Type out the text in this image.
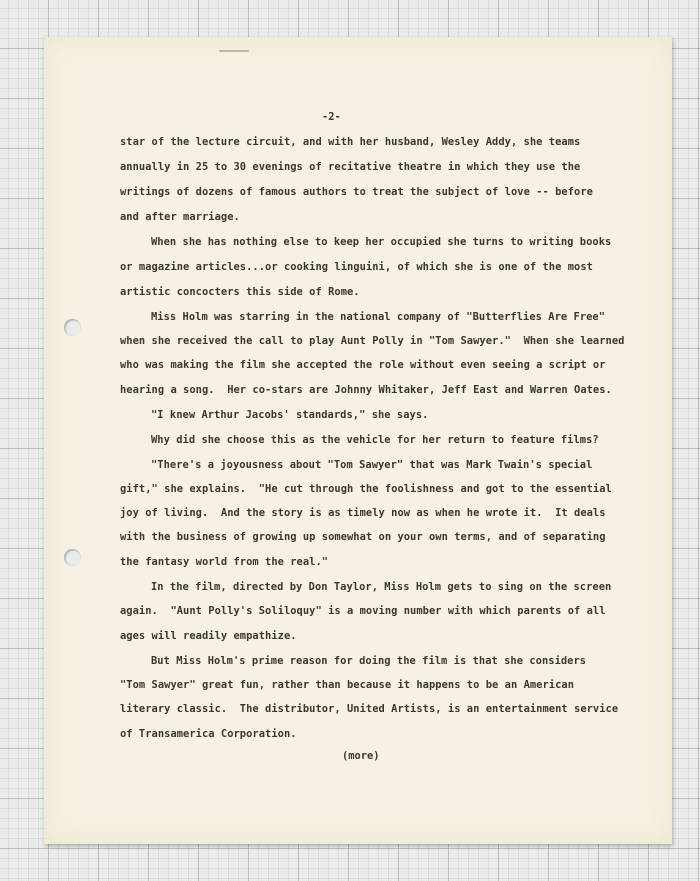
-2-
star of the lecture circuit, and with her husband, Wesley Addy, she teams
annually in 25 to 30 evenings of recitative theatre in which they use the
writings of dozens of famous authors to treat the subject of love -- before
and after marriage.
When she has nothing else to keep her occupied she turns to writing books
or magazine articles...or cooking linguini, of which she is one of the most
artistic concocters this side of Rome.
Miss Holm was starring in the national company of "Butterflies Are Free"
when she received the call to play Aunt Polly in "Tom Sawyer."  When she learned
who was making the film she accepted the role without even seeing a script or
hearing a song.  Her co-stars are Johnny Whitaker, Jeff East and Warren Oates.
"I knew Arthur Jacobs' standards," she says.
Why did she choose this as the vehicle for her return to feature films?
"There's a joyousness about "Tom Sawyer" that was Mark Twain's special
gift," she explains.  "He cut through the foolishness and got to the essential
joy of living.  And the story is as timely now as when he wrote it.  It deals
with the business of growing up somewhat on your own terms, and of separating
the fantasy world from the real."
In the film, directed by Don Taylor, Miss Holm gets to sing on the screen
again.  "Aunt Polly's Soliloquy" is a moving number with which parents of all
ages will readily empathize.
But Miss Holm's prime reason for doing the film is that she considers
"Tom Sawyer" great fun, rather than because it happens to be an American
literary classic.  The distributor, United Artists, is an entertainment service
of Transamerica Corporation.
(more)
